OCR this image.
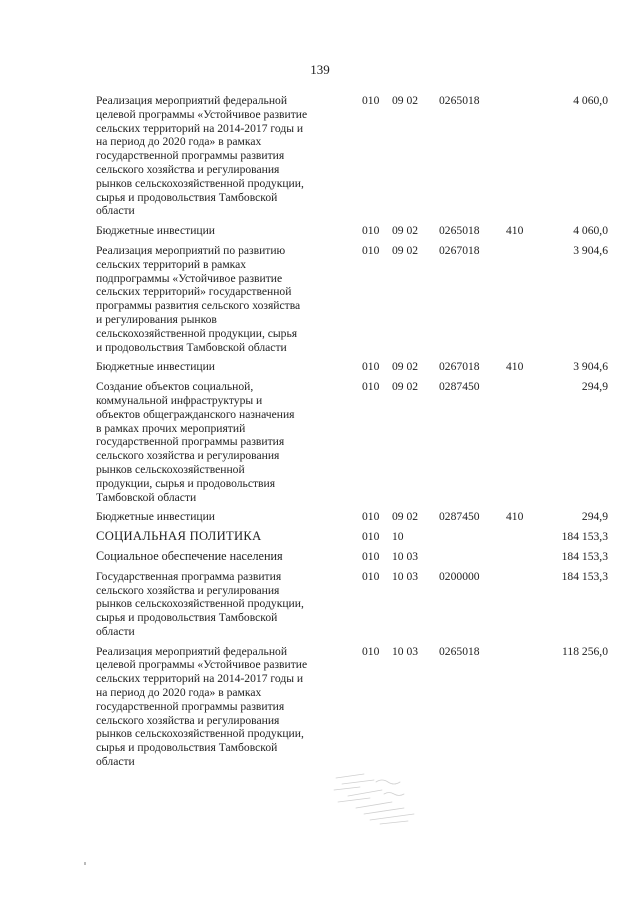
139
Реализация мероприятий федеральной
целевой программы «Устойчивое развитие
сельских территорий на 2014-2017 годы и
на период до 2020 года» в рамках
государственной программы развития
сельского хозяйства и регулирования
рынков сельскохозяйственной продукции,
сырья и продовольствия Тамбовской
области
010 09 02 0265018	4 060,0
Бюджетные инвестиции	010 09 02 0265018 410	4 060,0
Реализация мероприятий по развитию
сельских территорий в рамках
подпрограммы «Устойчивое развитие
сельских территорий» государственной
программы развития сельского хозяйства
и регулирования рынков
сельскохозяйственной продукции, сырья
и продовольствия Тамбовской области
010 09 02 0267018	3 904,6
Бюджетные инвестиции	010 09 02 0267018 410	3 904,6
Создание объектов социальной,
коммунальной инфраструктуры и
объектов общегражданского назначения
в рамках прочих мероприятий
государственной программы развития
сельского хозяйства и регулирования
рынков сельскохозяйственной
продукции, сырья и продовольствия
Тамбовской области
010 09 02 0287450	294,9
Бюджетные инвестиции	010 09 02 0287450 410	294,9
СОЦИАЛЬНАЯ ПОЛИТИКА	010 10	184 153,3
Социальное обеспечение населения	010 10 03	184 153,3
Государственная программа развития
сельского хозяйства и регулирования
рынков сельскохозяйственной продукции,
сырья и продовольствия Тамбовской
области
010 10 03 0200000	184 153,3
Реализация мероприятий федеральной
целевой программы «Устойчивое развитие
сельских территорий на 2014-2017 годы и
на период до 2020 года» в рамках
государственной программы развития
сельского хозяйства и регулирования
рынков сельскохозяйственной продукции,
сырья и продовольствия Тамбовской
области
010 10 03 0265018	118 256,0
